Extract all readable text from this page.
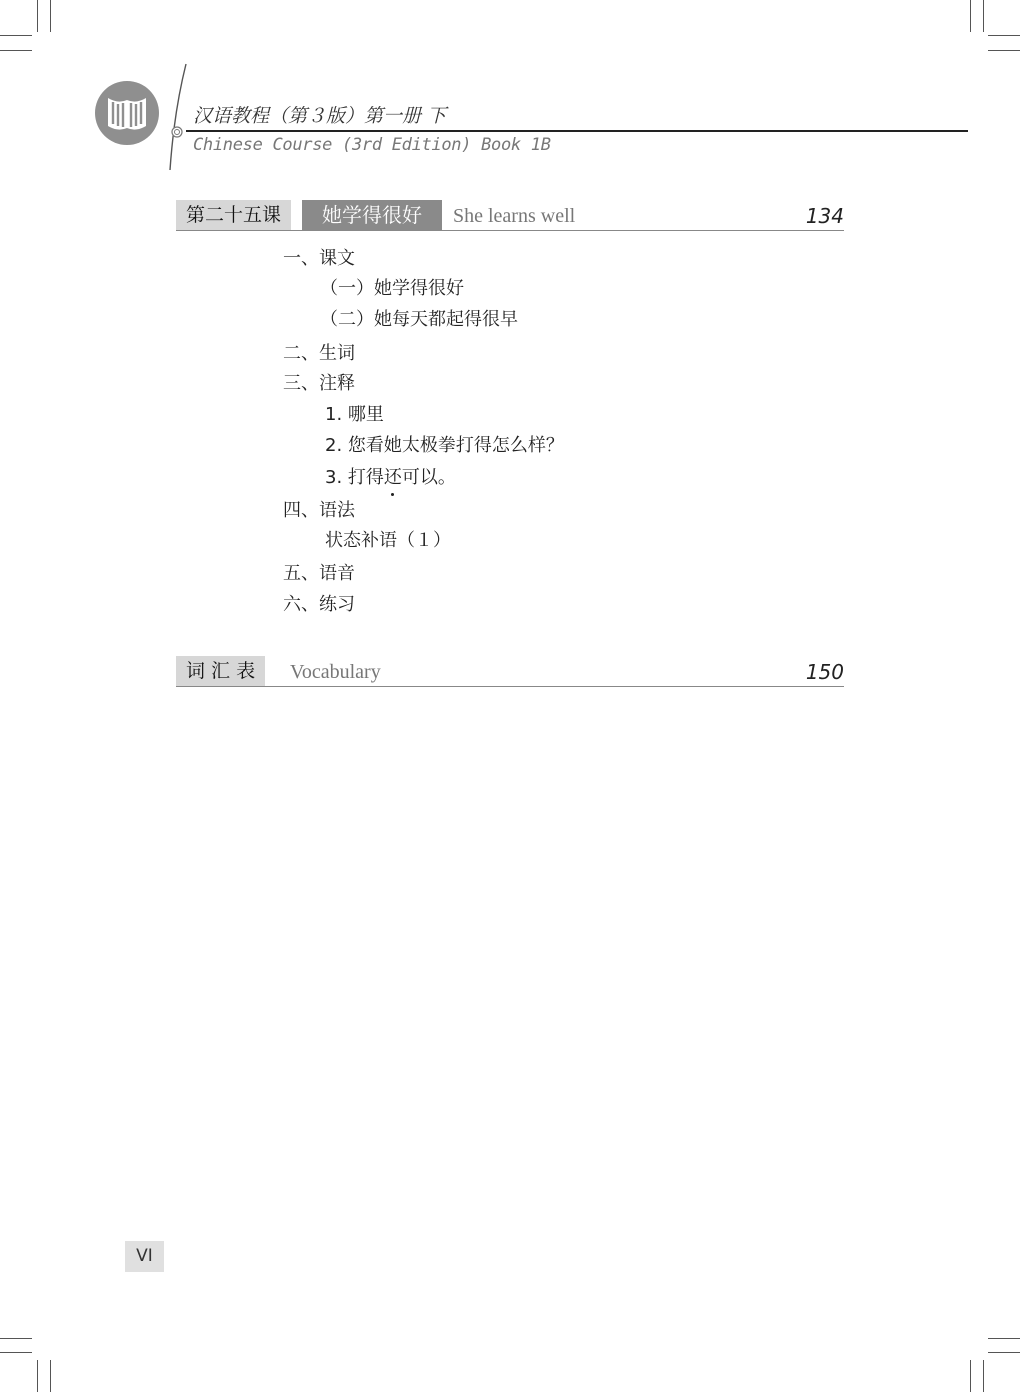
汉语教程（第３版）第一册 下
Chinese Course (3rd Edition) Book 1B
第二十五课	她学得很好	She learns well	134
一、课文
（一）她学得很好
（二）她每天都起得很早
二、生词
三、注释
1. 哪里
2. 您看她太极拳打得怎么样？
3. 打得还可以。
四、语法
状态补语（１）
五、语音
六、练习
词 汇 表	Vocabulary	150
VI
